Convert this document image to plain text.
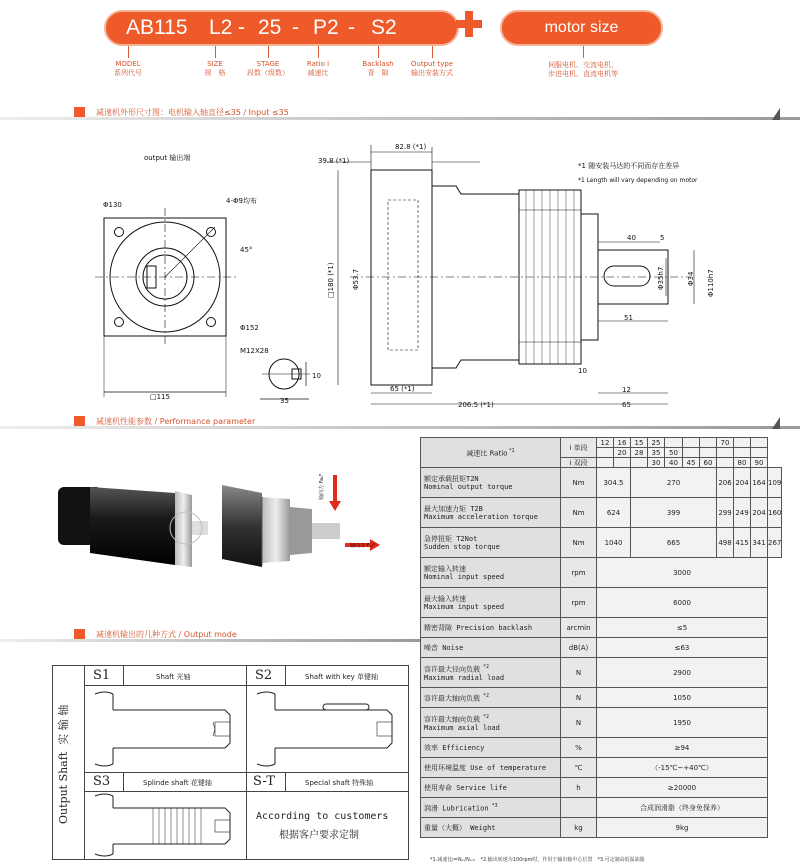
AB115 L2 - 25 - P2 - S2	motor size
MODEL
系列代号
SIZE
规　格
STAGE
段数（级数）
Ratio i
减速比
Backlash
背　隙
Output type
输出安装方式
伺服电机、交流电机、
步进电机、直流电机等
减速机外形尺寸图：电机输入轴直径≤35 / Input ≤35
output 输出端
Φ130	4-Φ9均布
45°
Φ152
□115
M12X28
10
35
82.8 (*1)
39.8 (*1)
□180 (*1) Φ53.7
40	5
Φ35h7	Φ34 Φ110h7
51
10
65 (*1)
206.5 (*1)
12
65
*1 随安装马达的不同而存在差异
*1 Length will vary depending on motor
减速机性能参数 / Performance parameter
轴向力 Fa₂ᴮ
轴向力 Fᵣ₂ᴮ
减速比 Ratio $^{*1}$	i 单段	12	16	15	25				70			
			20	28	35	50						
	i 双段				30	40	45	60		80	90	

额定承载扭矩T2N
Nominal output torque	Nm	304.5		270					206	204	164	109

最大加速力矩 T2B
Maximum acceleration torque	Nm	624		399					299	249	204	160

急停扭矩 T2Not
Sudden stop torque	Nm	1040		665					498	415	341	267

额定输入转速
Nominal input speed	rpm	3000										

最大输入转速
Maximum input speed	rpm	6000										

精密背隙 Precision backlash	arcmin	≤5										

噪音 Noise	dB(A)	≤63										

容许最大径向负载 $^{*2}$
Maximum radial load	N	2900										

容许最大轴向负载 $^{*2}$	N	1050										

容许最大轴向负载 $^{*2}$
Maximum axial load	N	1950										

效率 Efficiency	%	≥94										

使用环境温度 Use of temperature	℃	（-15℃~+40℃）										

使用寿命 Service life	h	≥20000										

润滑 Lubrication $^{*3}$		合成润滑脂（终身免保养）										

重量（大概） Weight	kg	9kg										
减速机输出的几种方式 / Output mode
Output Shaft  实 输 轴
S1	Shaft 光轴	S2	Shaft with key 单键轴
S3	Splinde shaft 花键轴	S-T	Special shaft 特殊轴
According to customers
根据客户要求定制
*1.减速比i=Nᵢₙ/Nₒᵤₜ　*2.输出转速为100rpm时，作用于输出轴中心位置　*3.可定制高低温油脂
